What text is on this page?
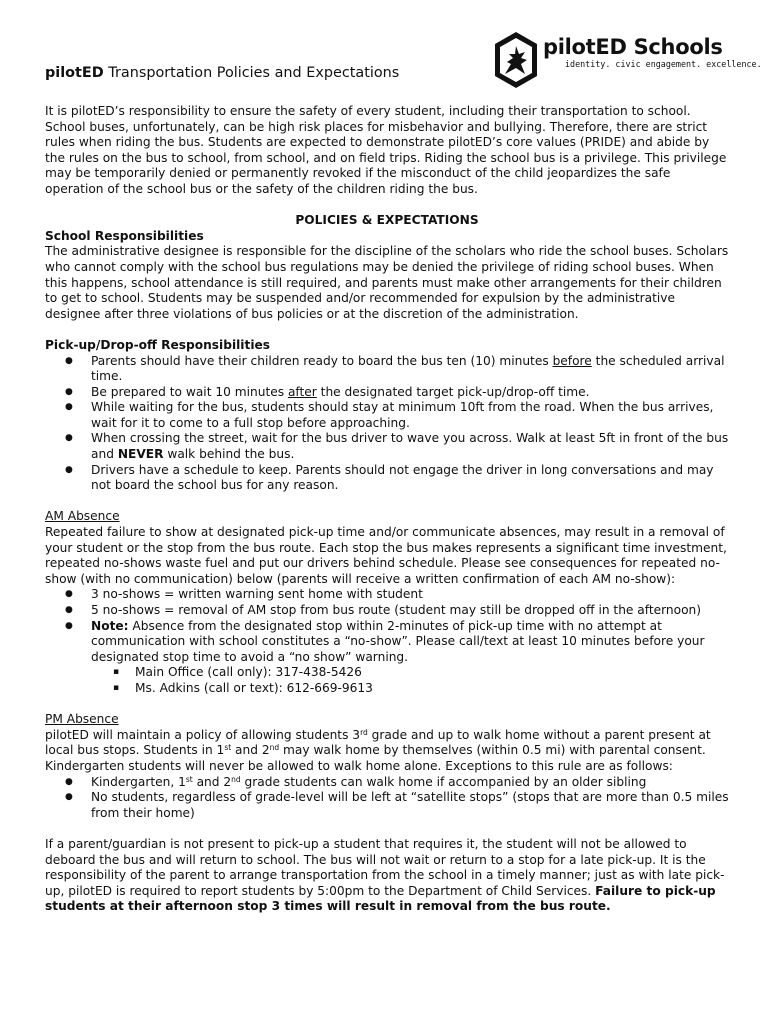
pilotED Schools
identity. civic engagement. excellence.
pilotED Transportation Policies and Expectations

It is pilotED’s responsibility to ensure the safety of every student, including their transportation to school. School buses, unfortunately, can be high risk places for misbehavior and bullying. Therefore, there are strict rules when riding the bus. Students are expected to demonstrate pilotED’s core values (PRIDE) and abide by the rules on the bus to school, from school, and on field trips. Riding the school bus is a privilege. This privilege may be temporarily denied or permanently revoked if the misconduct of the child jeopardizes the safe operation of the school bus or the safety of the children riding the bus.

POLICIES & EXPECTATIONS

School Responsibilities

The administrative designee is responsible for the discipline of the scholars who ride the school buses. Scholars who cannot comply with the school bus regulations may be denied the privilege of riding school buses. When this happens, school attendance is still required, and parents must make other arrangements for their children to get to school. Students may be suspended and/or recommended for expulsion by the administrative designee after three violations of bus policies or at the discretion of the administration.

Pick-up/Drop-off Responsibilities

● Parents should have their children ready to board the bus ten (10) minutes before the scheduled arrival time.
● Be prepared to wait 10 minutes after the designated target pick-up/drop-off time.
● While waiting for the bus, students should stay at minimum 10ft from the road. When the bus arrives, wait for it to come to a full stop before approaching.
● When crossing the street, wait for the bus driver to wave you across. Walk at least 5ft in front of the bus and NEVER walk behind the bus.
● Drivers have a schedule to keep. Parents should not engage the driver in long conversations and may not board the school bus for any reason.

AM Absence

Repeated failure to show at designated pick-up time and/or communicate absences, may result in a removal of your student or the stop from the bus route. Each stop the bus makes represents a significant time investment, repeated no-shows waste fuel and put our drivers behind schedule. Please see consequences for repeated no-show (with no communication) below (parents will receive a written confirmation of each AM no-show):

● 3 no-shows = written warning sent home with student
● 5 no-shows = removal of AM stop from bus route (student may still be dropped off in the afternoon)
● Note: Absence from the designated stop within 2-minutes of pick-up time with no attempt at communication with school constitutes a “no-show”. Please call/text at least 10 minutes before your designated stop time to avoid a “no show” warning.
▪ Main Office (call only): 317-438-5426
▪ Ms. Adkins (call or text): 612-669-9613

PM Absence

pilotED will maintain a policy of allowing students 3rd grade and up to walk home without a parent present at local bus stops. Students in 1st and 2nd may walk home by themselves (within 0.5 mi) with parental consent. Kindergarten students will never be allowed to walk home alone. Exceptions to this rule are as follows:

● Kindergarten, 1st and 2nd grade students can walk home if accompanied by an older sibling
● No students, regardless of grade-level will be left at “satellite stops” (stops that are more than 0.5 miles from their home)

If a parent/guardian is not present to pick-up a student that requires it, the student will not be allowed to deboard the bus and will return to school. The bus will not wait or return to a stop for a late pick-up. It is the responsibility of the parent to arrange transportation from the school in a timely manner; just as with late pick-up, pilotED is required to report students by 5:00pm to the Department of Child Services. Failure to pick-up students at their afternoon stop 3 times will result in removal from the bus route.
